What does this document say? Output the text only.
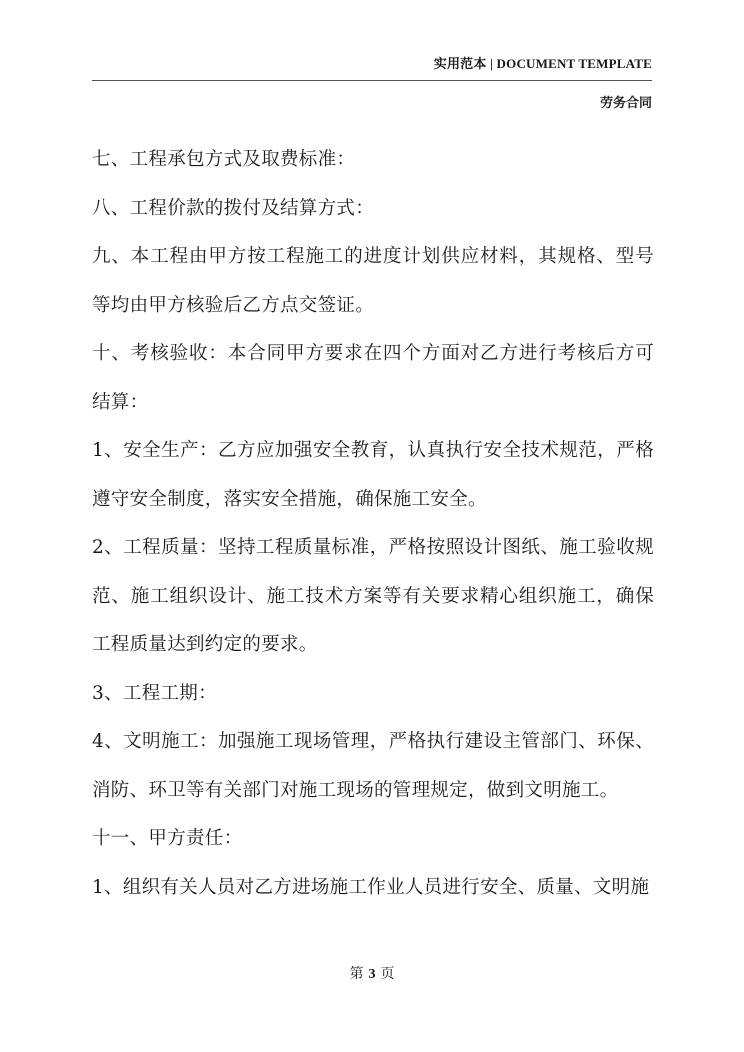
实用范本 | DOCUMENT TEMPLATE
劳务合同

七、工程承包方式及取费标准：

八、工程价款的拨付及结算方式：

九、本工程由甲方按工程施工的进度计划供应材料，其规格、型号等均由甲方核验后乙方点交签证。

十、考核验收：本合同甲方要求在四个方面对乙方进行考核后方可结算：

1、安全生产：乙方应加强安全教育，认真执行安全技术规范，严格遵守安全制度，落实安全措施，确保施工安全。

2、工程质量：坚持工程质量标准，严格按照设计图纸、施工验收规范、施工组织设计、施工技术方案等有关要求精心组织施工，确保工程质量达到约定的要求。

3、工程工期：

4、文明施工：加强施工现场管理，严格执行建设主管部门、环保、消防、环卫等有关部门对施工现场的管理规定，做到文明施工。

十一、甲方责任：

1、组织有关人员对乙方进场施工作业人员进行安全、质量、文明施

第 3 页
